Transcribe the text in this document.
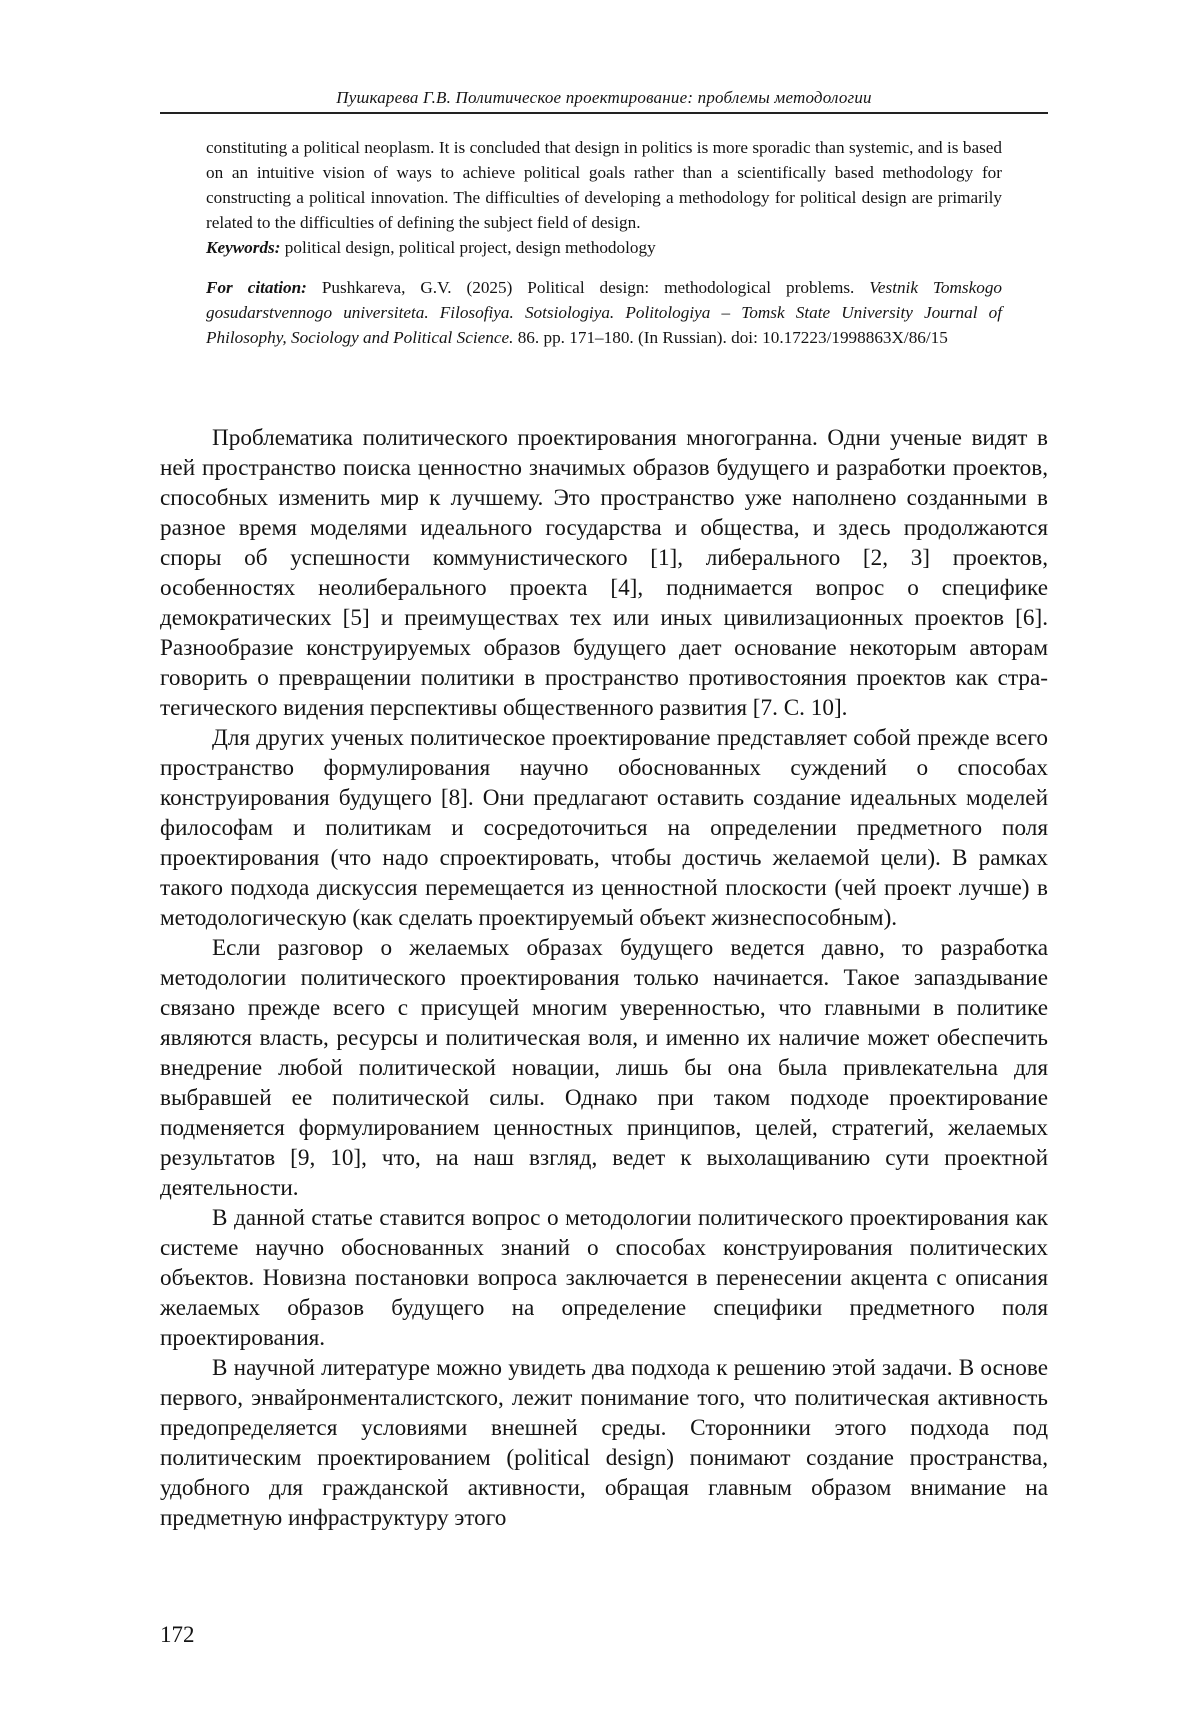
Пушкарева Г.В. Политическое проектирование: проблемы методологии

constituting a political neoplasm. It is concluded that design in politics is more sporadic than systemic, and is based on an intuitive vision of ways to achieve political goals rather than a scientifically based methodology for constructing a political innovation. The difficulties of developing a methodology for political design are primarily related to the difficulties of defining the subject field of design.

Keywords: political design, political project, design methodology

For citation: Pushkareva, G.V. (2025) Political design: methodological problems. Vestnik Tomskogo gosudarstvennogo universiteta. Filosofiya. Sotsiologiya. Politologiya – Tomsk State University Journal of Philosophy, Sociology and Political Science. 86. pp. 171–180. (In Russian). doi: 10.17223/1998863X/86/15

Проблематика политического проектирования многогранна. Одни ученые видят в ней пространство поиска ценностно значимых образов будущего и разработки проектов, способных изменить мир к лучшему. Это пространство уже наполнено созданными в разное время моделями идеального государства и общества, и здесь продолжаются споры об успешности коммунистического [1], либерального [2, 3] проектов, особенностях неолиберального проекта [4], поднимается вопрос о специфике демократических [5] и преимуществах тех или иных цивилизационных проектов [6]. Разнообразие конструируемых образов будущего дает основание некоторым авторам говорить о превращении политики в пространство противостояния проектов как стратегического видения перспективы общественного развития [7. С. 10].

Для других ученых политическое проектирование представляет собой прежде всего пространство формулирования научно обоснованных суждений о способах конструирования будущего [8]. Они предлагают оставить создание идеальных моделей философам и политикам и сосредоточиться на определении предметного поля проектирования (что надо спроектировать, чтобы достичь желаемой цели). В рамках такого подхода дискуссия перемещается из ценностной плоскости (чей проект лучше) в методологическую (как сделать проектируемый объект жизнеспособным).

Если разговор о желаемых образах будущего ведется давно, то разработка методологии политического проектирования только начинается. Такое запаздывание связано прежде всего с присущей многим уверенностью, что главными в политике являются власть, ресурсы и политическая воля, и именно их наличие может обеспечить внедрение любой политической новации, лишь бы она была привлекательна для выбравшей ее политической силы. Однако при таком подходе проектирование подменяется формулированием ценностных принципов, целей, стратегий, желаемых результатов [9, 10], что, на наш взгляд, ведет к выхолащиванию сути проектной деятельности.

В данной статье ставится вопрос о методологии политического проектирования как системе научно обоснованных знаний о способах конструирования политических объектов. Новизна постановки вопроса заключается в перенесении акцента с описания желаемых образов будущего на определение специфики предметного поля проектирования.

В научной литературе можно увидеть два подхода к решению этой задачи. В основе первого, энвайронменталистского, лежит понимание того, что политическая активность предопределяется условиями внешней среды. Сторонники этого подхода под политическим проектированием (political design) понимают создание пространства, удобного для гражданской активности, обращая главным образом внимание на предметную инфраструктуру этого

172
